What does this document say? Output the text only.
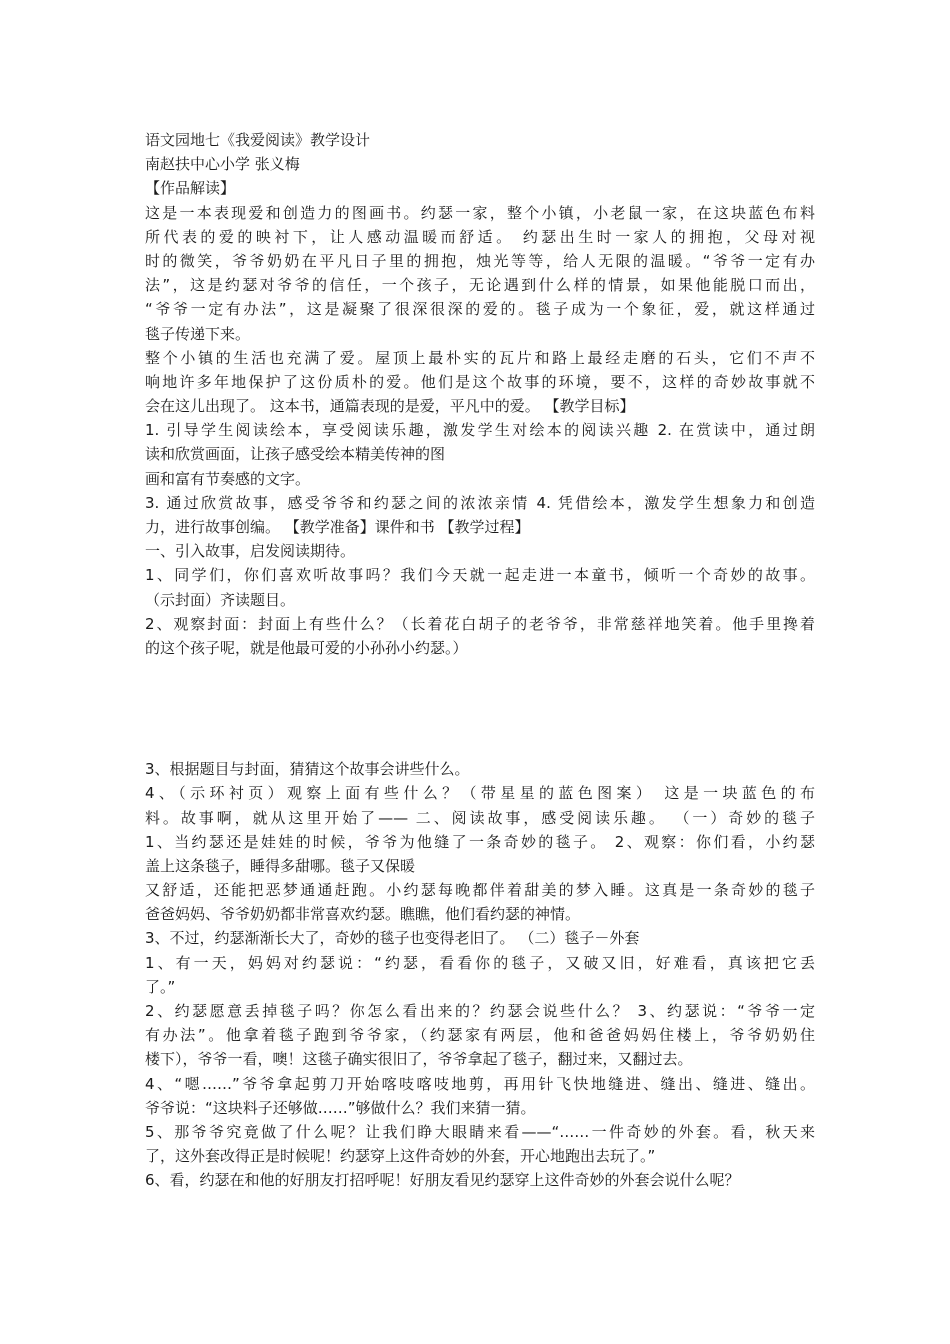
语文园地七《我爱阅读》教学设计
南赵扶中心小学 张义梅
【作品解读】
这是一本表现爱和创造力的图画书。约瑟一家，整个小镇，小老鼠一家，在这块蓝色布料
所代表的爱的映衬下，让人感动温暖而舒适。 约瑟出生时一家人的拥抱，父母对视
时的微笑，爷爷奶奶在平凡日子里的拥抱，烛光等等，给人无限的温暖。“爷爷一定有办
法”，这是约瑟对爷爷的信任，一个孩子，无论遇到什么样的情景，如果他能脱口而出，
“爷爷一定有办法”，这是凝聚了很深很深的爱的。毯子成为一个象征，爱，就这样通过
毯子传递下来。
整个小镇的生活也充满了爱。屋顶上最朴实的瓦片和路上最经走磨的石头，它们不声不
响地许多年地保护了这份质朴的爱。他们是这个故事的环境，要不，这样的奇妙故事就不
会在这儿出现了。 这本书，通篇表现的是爱，平凡中的爱。 【教学目标】
1. 引导学生阅读绘本，享受阅读乐趣，激发学生对绘本的阅读兴趣 2. 在赏读中，通过朗
读和欣赏画面，让孩子感受绘本精美传神的图
画和富有节奏感的文字。
3. 通过欣赏故事，感受爷爷和约瑟之间的浓浓亲情 4. 凭借绘本，激发学生想象力和创造
力，进行故事创编。 【教学准备】课件和书 【教学过程】
一、引入故事，启发阅读期待。
1、同学们，你们喜欢听故事吗？我们今天就一起走进一本童书，倾听一个奇妙的故事。
（示封面）齐读题目。
2、观察封面：封面上有些什么？（长着花白胡子的老爷爷，非常慈祥地笑着。他手里搀着
的这个孩子呢，就是他最可爱的小孙孙小约瑟。）
3、根据题目与封面，猜猜这个故事会讲些什么。
4、（示环衬页）观察上面有些什么？（带星星的蓝色图案） 这是一块蓝色的布
料。故事啊，就从这里开始了—— 二、阅读故事，感受阅读乐趣。 （一）奇妙的毯子
1、当约瑟还是娃娃的时候，爷爷为他缝了一条奇妙的毯子。 2、观察：你们看，小约瑟
盖上这条毯子，睡得多甜哪。毯子又保暖
又舒适，还能把恶梦通通赶跑。小约瑟每晚都伴着甜美的梦入睡。这真是一条奇妙的毯子
爸爸妈妈、爷爷奶奶都非常喜欢约瑟。瞧瞧，他们看约瑟的神情。
3、不过，约瑟渐渐长大了，奇妙的毯子也变得老旧了。 （二）毯子－外套
1、有一天，妈妈对约瑟说：“约瑟，看看你的毯子，又破又旧，好难看，真该把它丢
了。”
2、约瑟愿意丢掉毯子吗？你怎么看出来的？约瑟会说些什么？ 3、约瑟说：“爷爷一定
有办法”。他拿着毯子跑到爷爷家，（约瑟家有两层，他和爸爸妈妈住楼上，爷爷奶奶住
楼下），爷爷一看，噢！这毯子确实很旧了，爷爷拿起了毯子，翻过来，又翻过去。
4、“嗯……”爷爷拿起剪刀开始喀吱喀吱地剪，再用针飞快地缝进、缝出、缝进、缝出。
爷爷说：“这块料子还够做……”够做什么？我们来猜一猜。
5、那爷爷究竟做了什么呢？让我们睁大眼睛来看——“……一件奇妙的外套。看，秋天来
了，这外套改得正是时候呢！约瑟穿上这件奇妙的外套，开心地跑出去玩了。”
6、看，约瑟在和他的好朋友打招呼呢！好朋友看见约瑟穿上这件奇妙的外套会说什么呢？
